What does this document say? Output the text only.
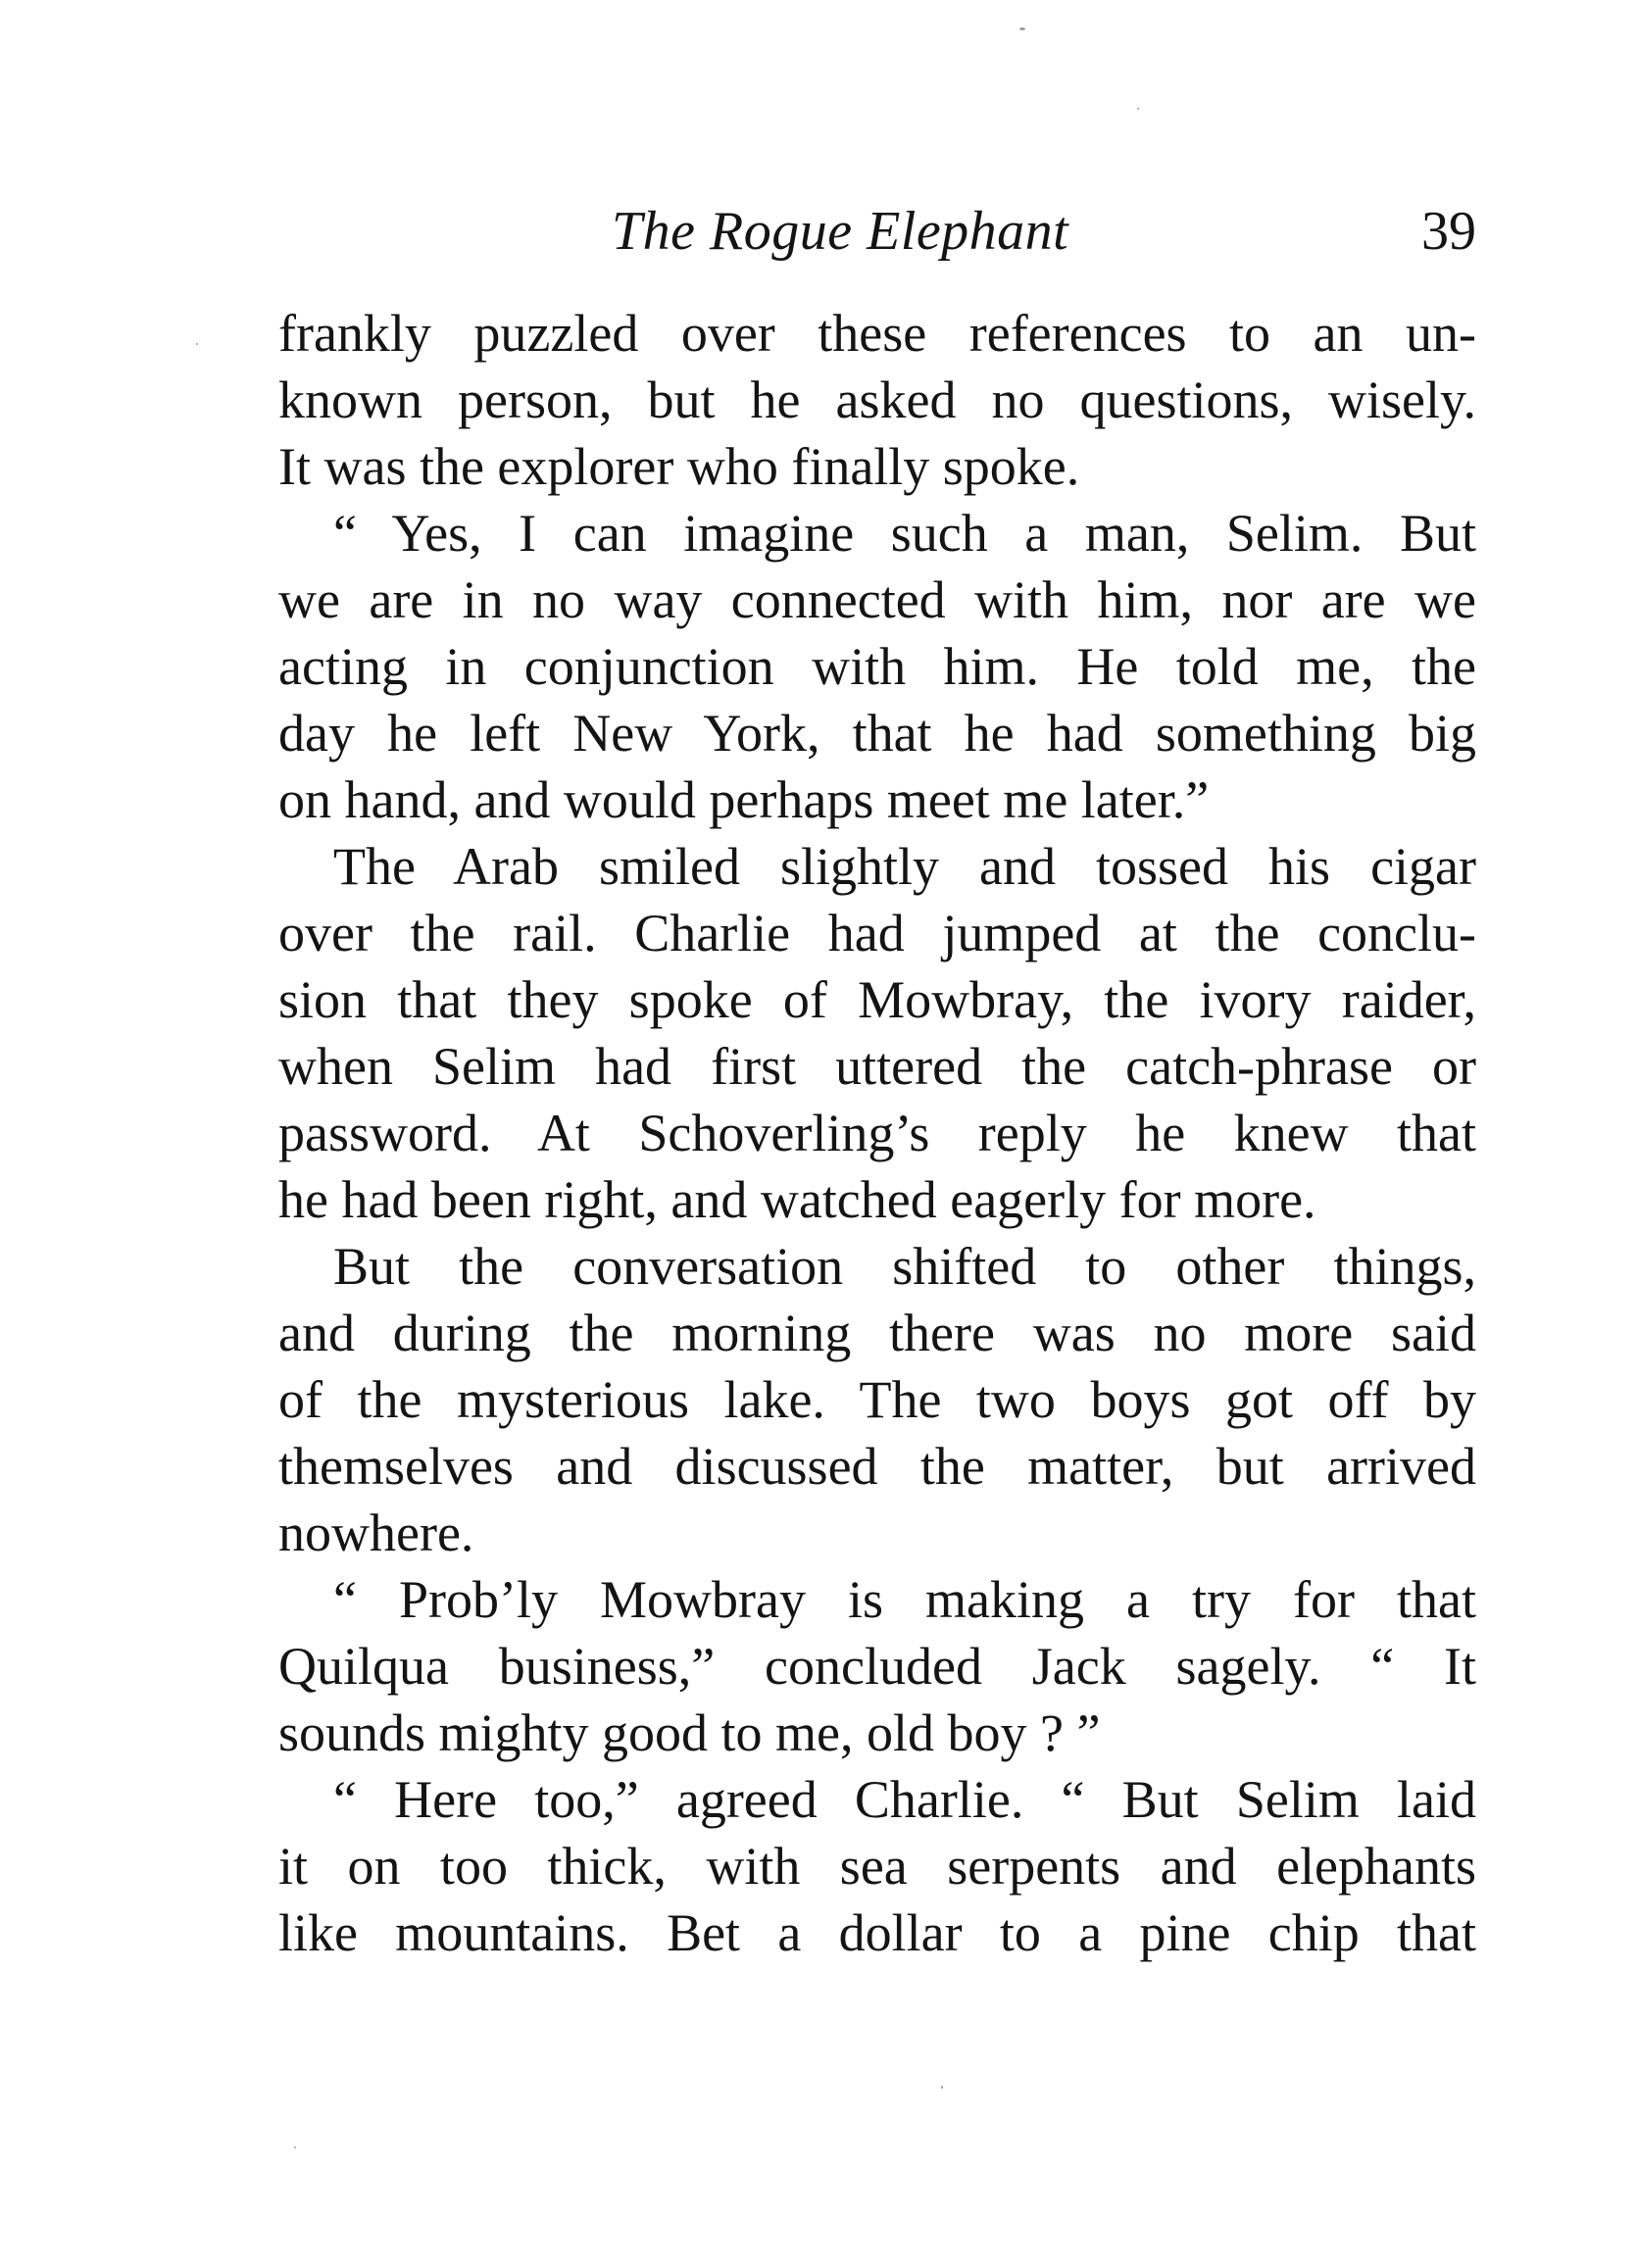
The Rogue Elephant	39
frankly puzzled over these references to an un-
known person, but he asked no questions, wisely.
It was the explorer who finally spoke.
“ Yes, I can imagine such a man, Selim. But
we are in no way connected with him, nor are we
acting in conjunction with him. He told me, the
day he left New York, that he had something big
on hand, and would perhaps meet me later.”
The Arab smiled slightly and tossed his cigar
over the rail. Charlie had jumped at the conclu-
sion that they spoke of Mowbray, the ivory raider,
when Selim had first uttered the catch-phrase or
password. At Schoverling’s reply he knew that
he had been right, and watched eagerly for more.
But the conversation shifted to other things,
and during the morning there was no more said
of the mysterious lake. The two boys got off by
themselves and discussed the matter, but arrived
nowhere.
“ Prob’ly Mowbray is making a try for that
Quilqua business,” concluded Jack sagely. “ It
sounds mighty good to me, old boy ? ”
“ Here too,” agreed Charlie. “ But Selim laid
it on too thick, with sea serpents and elephants
like mountains. Bet a dollar to a pine chip that
